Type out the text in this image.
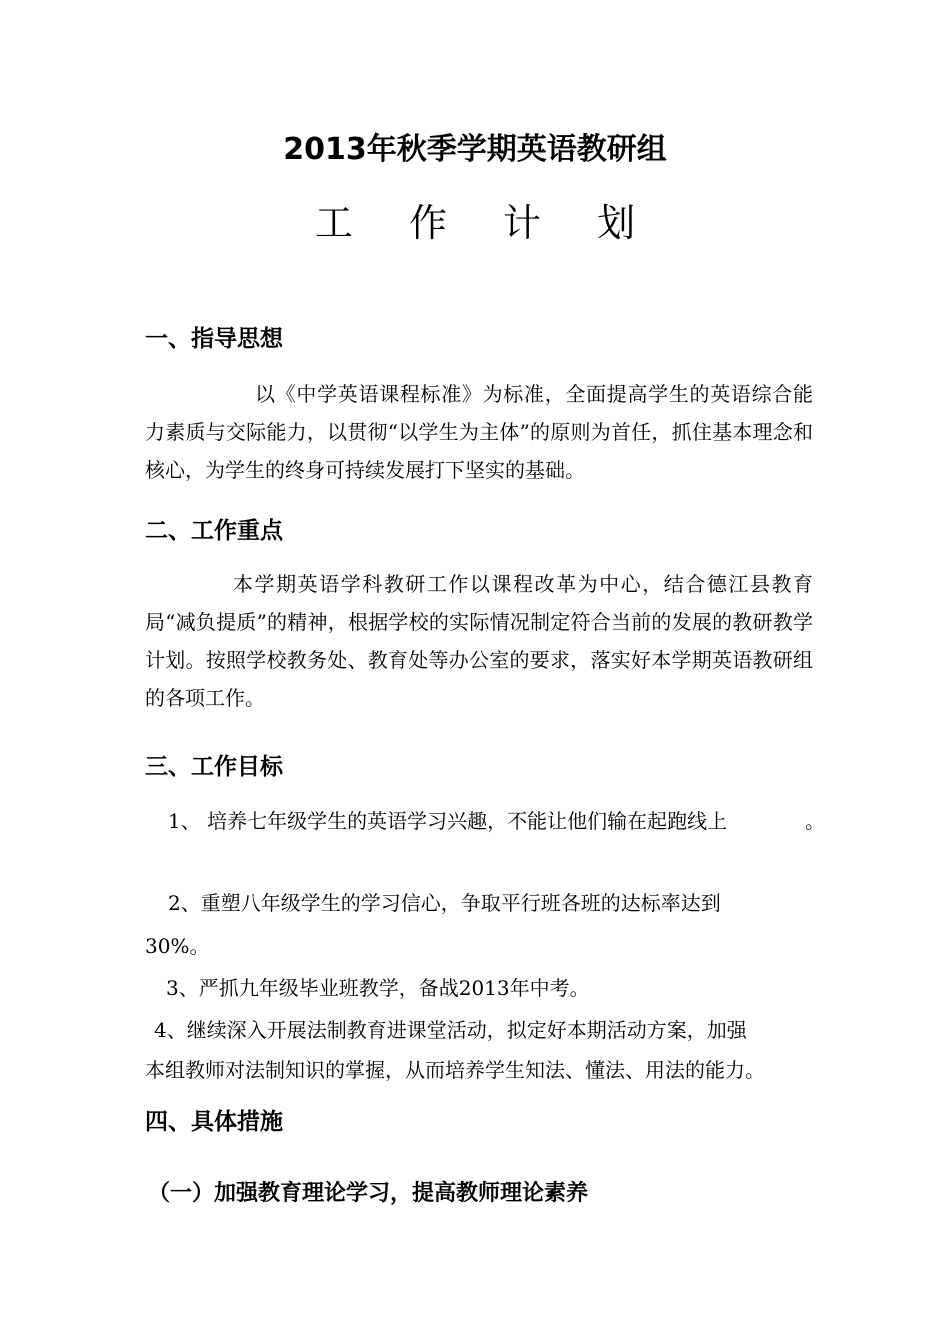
2013年秋季学期英语教研组
工 作 计 划
一、指导思想
以《中学英语课程标准》为标准，全面提高学生的英语综合能力素质与交际能力，以贯彻“以学生为主体”的原则为首任，抓住基本理念和核心，为学生的终身可持续发展打下坚实的基础。
二、工作重点
本学期英语学科教研工作以课程改革为中心，结合德江县教育局“减负提质”的精神，根据学校的实际情况制定符合当前的发展的教研教学计划。按照学校教务处、教育处等办公室的要求，落实好本学期英语教研组的各项工作。
三、工作目标
1、 培养七年级学生的英语学习兴趣，不能让他们输在起跑线上	。
2、重塑八年级学生的学习信心，争取平行班各班的达标率达到
30%。
3、严抓九年级毕业班教学，备战2013年中考。
4、继续深入开展法制教育进课堂活动，拟定好本期活动方案，加强
本组教师对法制知识的掌握，从而培养学生知法、懂法、用法的能力。
四、具体措施
（一）加强教育理论学习，提高教师理论素养
